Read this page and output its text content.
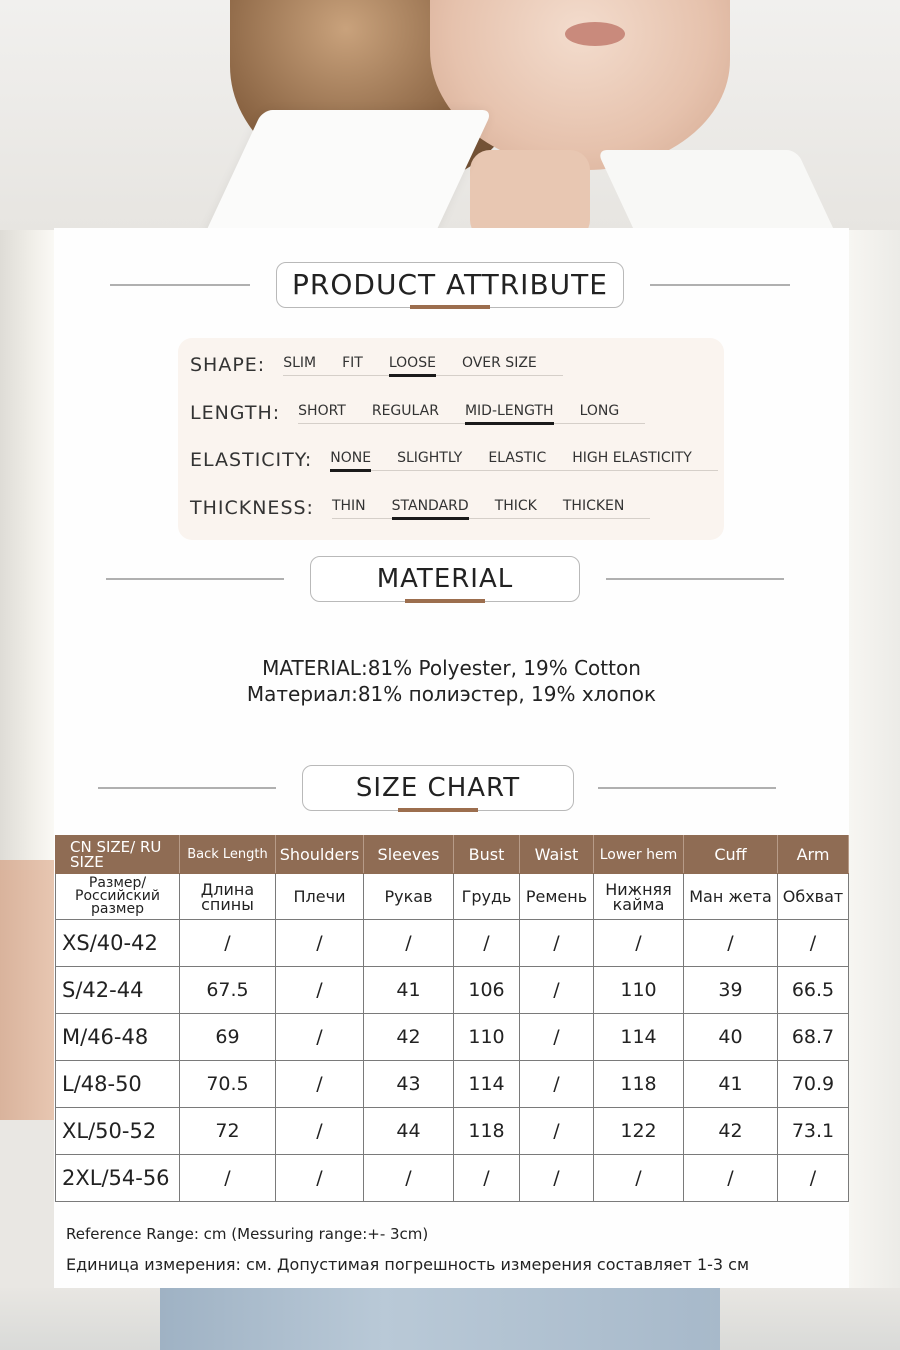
PRODUCT ATTRIBUTE
SHAPE: SLIM FIT LOOSE OVER SIZE
LENGTH: SHORT REGULAR MID-LENGTH LONG
ELASTICITY: NONE SLIGHTLY ELASTIC HIGH ELASTICITY
THICKNESS: THIN STANDARD THICK THICKEN
MATERIAL
MATERIAL:81% Polyester, 19% Cotton
Материал:81% полиэстер, 19% хлопок
SIZE CHART
CN SIZE/ RU SIZE	Back Length	Shoulders	Sleeves	Bust	Waist	Lower hem	Cuff	Arm
Размер/ Российский размер	Длина спины	Плечи	Рукав	Грудь	Ремень	Нижняя кайма	Ман жета	Обхват
XS/40-42	/	/	/	/	/	/	/	/
S/42-44	67.5	/	41	106	/	110	39	66.5
M/46-48	69	/	42	110	/	114	40	68.7
L/48-50	70.5	/	43	114	/	118	41	70.9
XL/50-52	72	/	44	118	/	122	42	73.1
2XL/54-56	/	/	/	/	/	/	/	/
Reference Range: cm (Messuring range:+- 3cm)
Единица измерения: см. Допустимая погрешность измерения составляет 1-3 см
